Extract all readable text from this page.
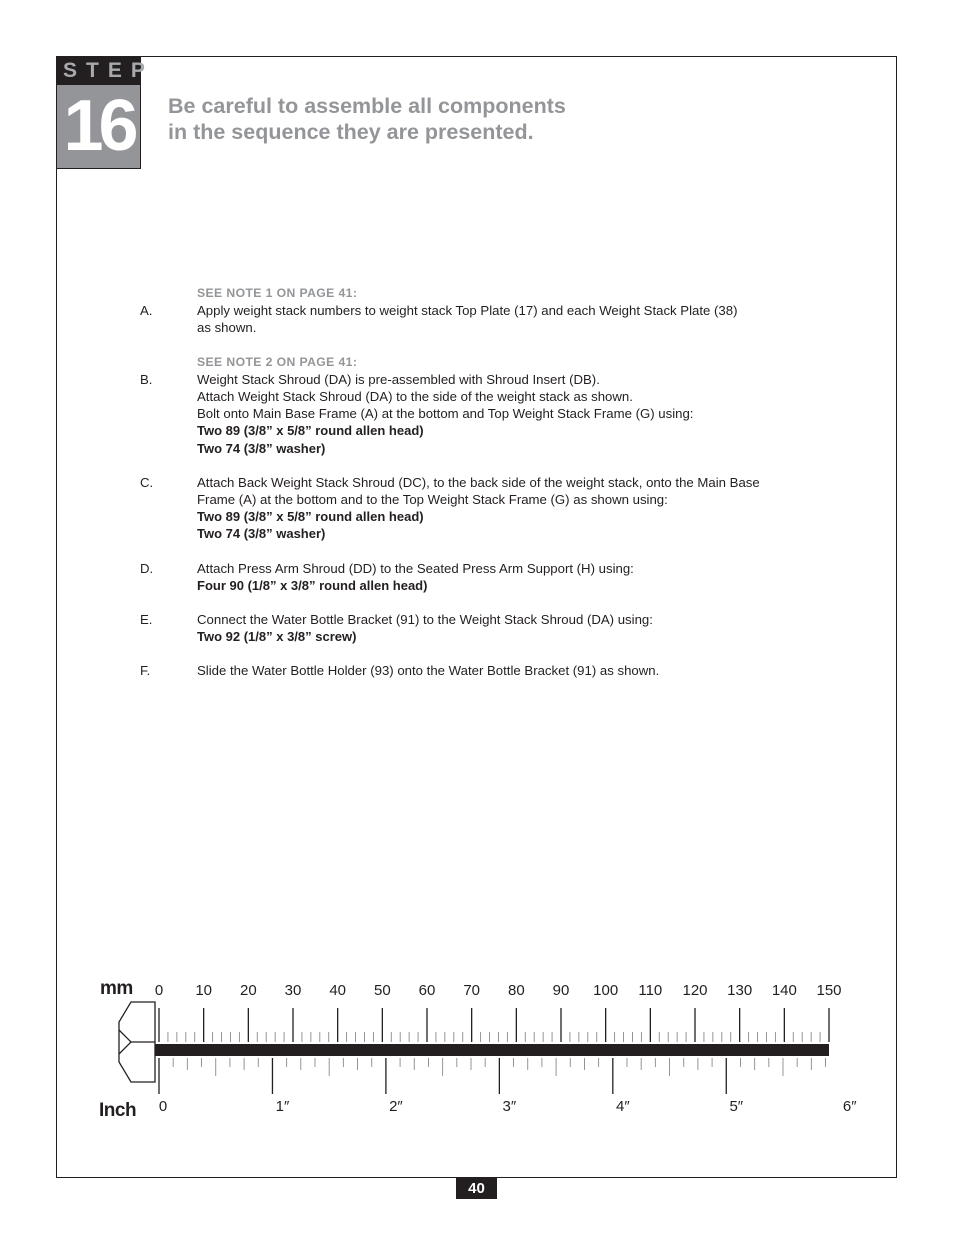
STEP
16	Be careful to assemble all components
in the sequence they are presented.
SEE NOTE 1 ON PAGE 41:
A.	Apply weight stack numbers to weight stack Top Plate (17) and each Weight Stack Plate (38)
as shown.
SEE NOTE 2 ON PAGE 41:
B.	Weight Stack Shroud (DA) is pre-assembled with Shroud Insert (DB).
Attach Weight Stack Shroud (DA) to the side of the weight stack as shown.
Bolt onto Main Base Frame (A) at the bottom and Top Weight Stack Frame (G) using:
Two 89 (3/8” x 5/8” round allen head)
Two 74 (3/8” washer)
C.	Attach Back Weight Stack Shroud (DC), to the back side of the weight stack, onto the Main Base
Frame (A) at the bottom and to the Top Weight Stack Frame (G) as shown using:
Two 89 (3/8” x 5/8” round allen head)
Two 74 (3/8” washer)
D.	Attach Press Arm Shroud (DD) to the Seated Press Arm Support (H) using:
Four 90 (1/8” x 3/8” round allen head)
E.	Connect the Water Bottle Bracket (91) to the Weight Stack Shroud (DA) using:
Two 92 (1/8” x 3/8” screw)
F.	Slide the Water Bottle Holder (93) onto the Water Bottle Bracket (91) as shown.
mm
Inch
0 10 20 30 40 50 60 70 80 90 100 110 120 130 140 150
0	1″	2″	3″	4″	5″	6″
40
